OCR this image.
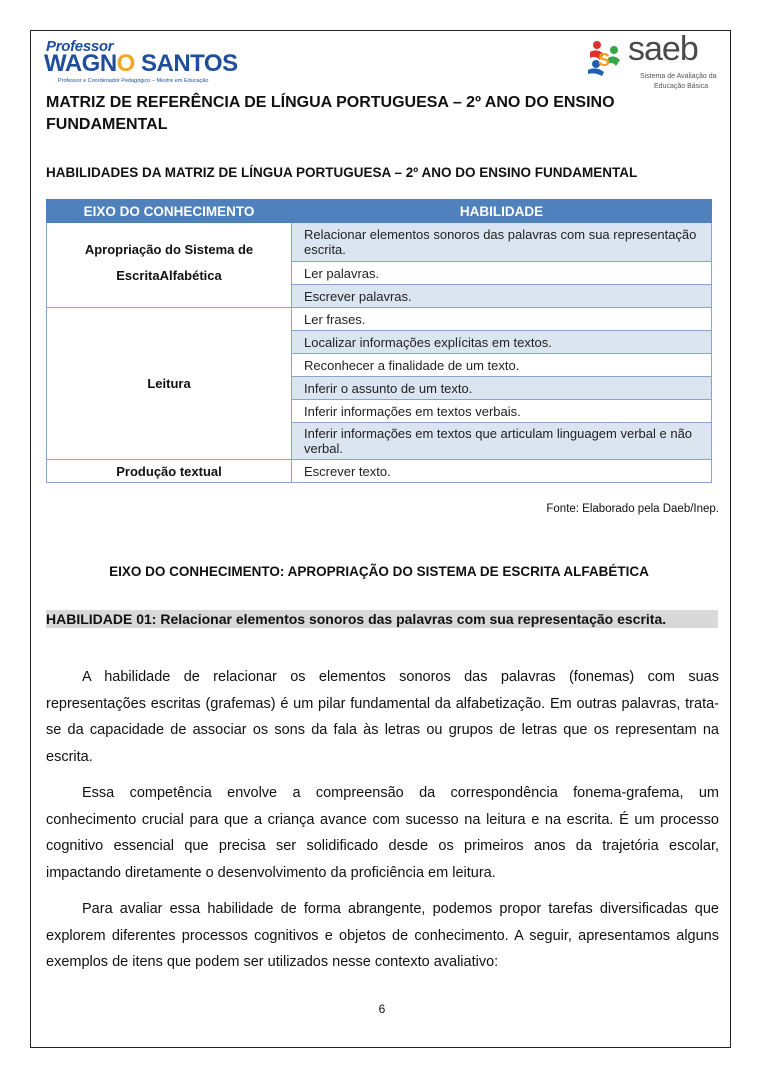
Professor
WAGNO SANTOS
Professor e Coordenador Pedagógico – Mestre em Educação
S saeb
Sistema de Avaliação da
Educação Básica
MATRIZ DE REFERÊNCIA DE LÍNGUA PORTUGUESA – 2º ANO DO ENSINO FUNDAMENTAL
HABILIDADES DA MATRIZ DE LÍNGUA PORTUGUESA – 2º ANO DO ENSINO FUNDAMENTAL
EIXO DO CONHECIMENTO	HABILIDADE
Apropriação do Sistema de EscritaAlfabética	Relacionar elementos sonoros das palavras com sua representação escrita.
	Ler palavras.
	Escrever palavras.
Leitura	Ler frases.
	Localizar informações explícitas em textos.
	Reconhecer a finalidade de um texto.
	Inferir o assunto de um texto.
	Inferir informações em textos verbais.
	Inferir informações em textos que articulam linguagem verbal e não verbal.
Produção textual	Escrever texto.
Fonte: Elaborado pela Daeb/Inep.
EIXO DO CONHECIMENTO: APROPRIAÇÃO DO SISTEMA DE ESCRITA ALFABÉTICA
HABILIDADE 01: Relacionar elementos sonoros das palavras com sua representação escrita.

A habilidade de relacionar os elementos sonoros das palavras (fonemas) com suas representações escritas (grafemas) é um pilar fundamental da alfabetização. Em outras palavras, trata-se da capacidade de associar os sons da fala às letras ou grupos de letras que os representam na escrita.

Essa competência envolve a compreensão da correspondência fonema-grafema, um conhecimento crucial para que a criança avance com sucesso na leitura e na escrita. É um processo cognitivo essencial que precisa ser solidificado desde os primeiros anos da trajetória escolar, impactando diretamente o desenvolvimento da proficiência em leitura.

Para avaliar essa habilidade de forma abrangente, podemos propor tarefas diversificadas que explorem diferentes processos cognitivos e objetos de conhecimento. A seguir, apresentamos alguns exemplos de itens que podem ser utilizados nesse contexto avaliativo:

6
